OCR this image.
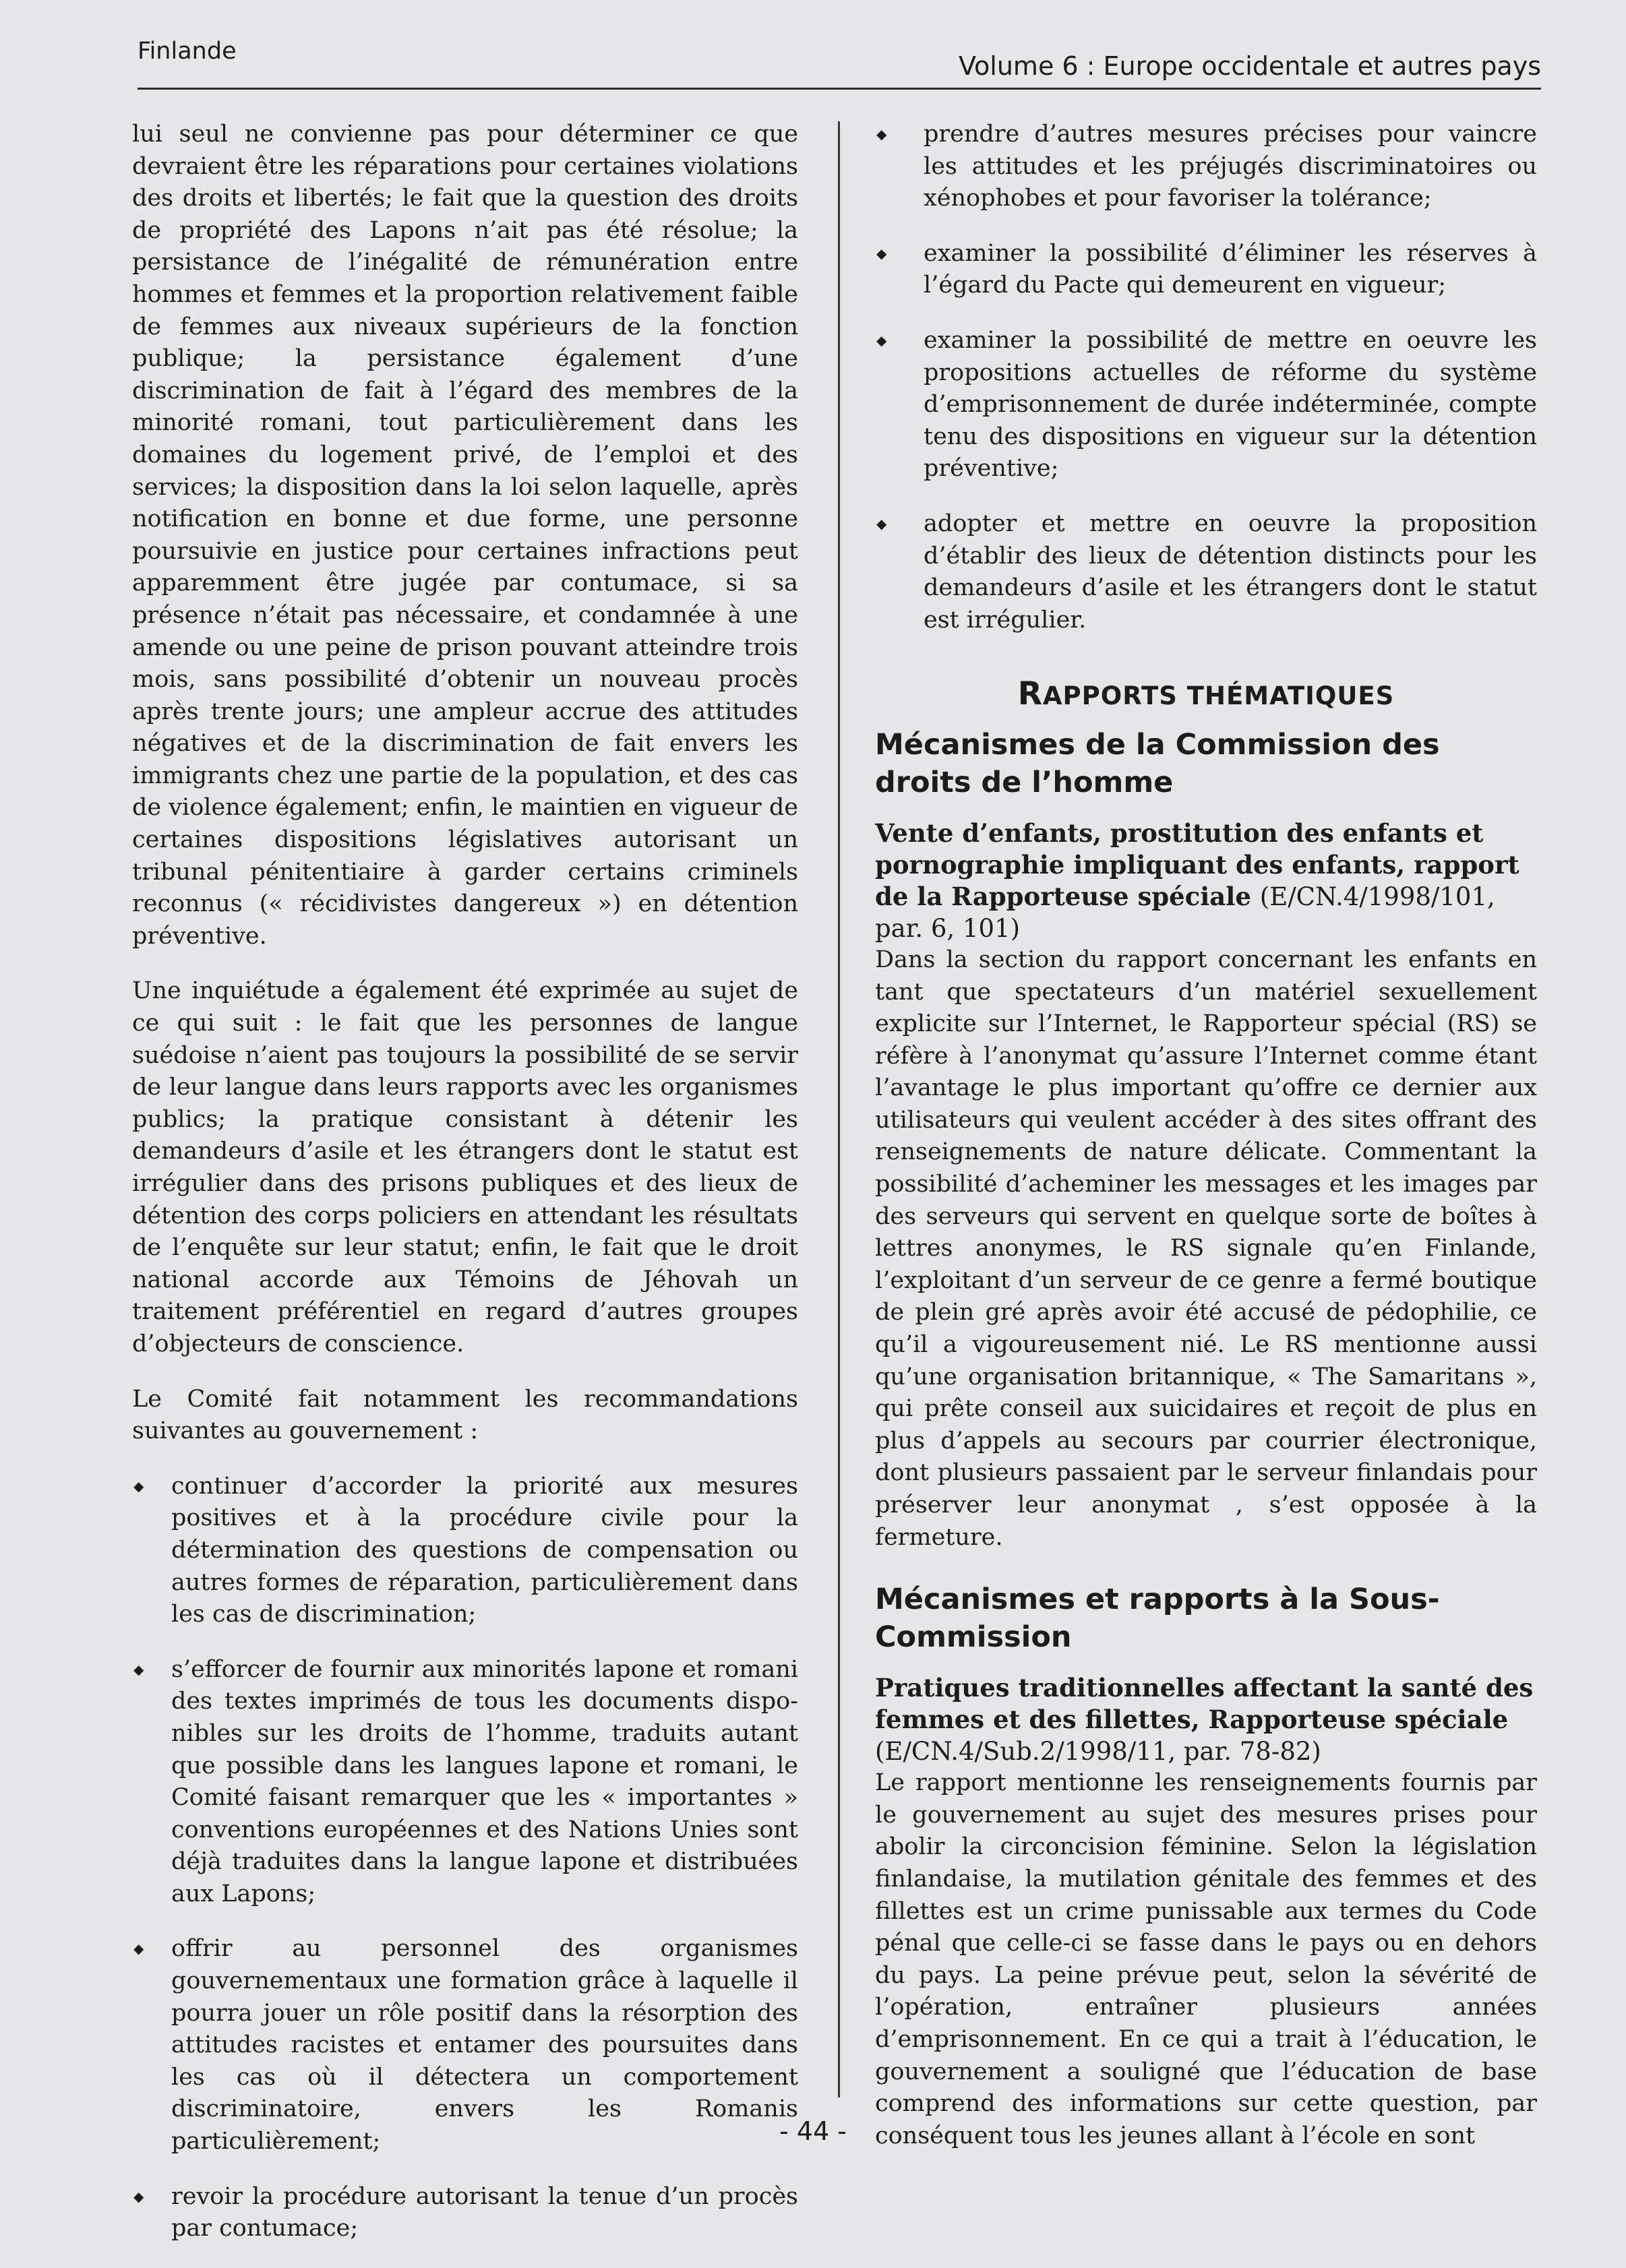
Finlande	Volume 6 : Europe occidentale et autres pays

lui seul ne convienne pas pour déterminer ce que devraient être les réparations pour certaines violations des droits et libertés; le fait que la question des droits de propriété des Lapons n’ait pas été résolue; la persistance de l’inégalité de rémunération entre hommes et femmes et la proportion relativement faible de femmes aux niveaux supérieurs de la fonction publique; la persistance également d’une discrimination de fait à l’égard des membres de la minorité romani, tout particulièrement dans les domaines du logement privé, de l’emploi et des services; la disposition dans la loi selon laquelle, après notification en bonne et due forme, une personne poursuivie en justice pour certaines infractions peut apparemment être jugée par contumace, si sa présence n’était pas nécessaire, et condamnée à une amende ou une peine de prison pouvant atteindre trois mois, sans possibilité d’obtenir un nouveau procès après trente jours; une ampleur accrue des attitudes négatives et de la discrimination de fait envers les immigrants chez une partie de la population, et des cas de violence également; enfin, le maintien en vigueur de certaines dispositions législatives autorisant un tribunal pénitentiaire à garder certains criminels reconnus (« récidivistes dangereux ») en détention préventive.

Une inquiétude a également été exprimée au sujet de ce qui suit : le fait que les personnes de langue suédoise n’aient pas toujours la possibilité de se servir de leur langue dans leurs rapports avec les organismes publics; la pratique consistant à détenir les demandeurs d’asile et les étrangers dont le statut est irrégulier dans des prisons publiques et des lieux de détention des corps policiers en attendant les résultats de l’enquête sur leur statut; enfin, le fait que le droit national accorde aux Témoins de Jéhovah un traitement préférentiel en regard d’autres groupes d’objecteurs de conscience.

Le Comité fait notamment les recommandations suivantes au gouvernement :

◆ continuer d’accorder la priorité aux mesures positives et à la procédure civile pour la détermination des questions de compensation ou autres formes de réparation, particulièrement dans les cas de discrimination;
◆ s’efforcer de fournir aux minorités lapone et romani des textes imprimés de tous les documents disponibles sur les droits de l’homme, traduits autant que possible dans les langues lapone et romani, le Comité faisant remarquer que les « importantes » conventions européennes et des Nations Unies sont déjà traduites dans la langue lapone et distribuées aux Lapons;
◆ offrir au personnel des organismes gouvernementaux une formation grâce à laquelle il pourra jouer un rôle positif dans la résorption des attitudes racistes et entamer des poursuites dans les cas où il détectera un comportement discriminatoire, envers les Romanis particulièrement;
◆ revoir la procédure autorisant la tenue d’un procès par contumace;
◆ prendre d’autres mesures précises pour vaincre les attitudes et les préjugés discriminatoires ou xénophobes et pour favoriser la tolérance;
◆ examiner la possibilité d’éliminer les réserves à l’égard du Pacte qui demeurent en vigueur;
◆ examiner la possibilité de mettre en oeuvre les propositions actuelles de réforme du système d’emprisonnement de durée indéterminée, compte tenu des dispositions en vigueur sur la détention préventive;
◆ adopter et mettre en oeuvre la proposition d’établir des lieux de détention distincts pour les demandeurs d’asile et les étrangers dont le statut est irrégulier.
RAPPORTS THÉMATIQUES
Mécanismes de la Commission des droits de l’homme
Vente d’enfants, prostitution des enfants et pornographie impliquant des enfants, rapport de la Rapporteuse spéciale (E/CN.4/1998/101, par. 6, 101)

Dans la section du rapport concernant les enfants en tant que spectateurs d’un matériel sexuellement explicite sur l’Internet, le Rapporteur spécial (RS) se réfère à l’anonymat qu’assure l’Internet comme étant l’avantage le plus important qu’offre ce dernier aux utilisateurs qui veulent accéder à des sites offrant des renseignements de nature délicate. Commentant la possibilité d’acheminer les messages et les images par des serveurs qui servent en quelque sorte de boîtes à lettres anonymes, le RS signale qu’en Finlande, l’exploitant d’un serveur de ce genre a fermé boutique de plein gré après avoir été accusé de pédophilie, ce qu’il a vigoureusement nié. Le RS mentionne aussi qu’une organisation britannique, « The Samaritans », qui prête conseil aux suicidaires et reçoit de plus en plus d’appels au secours par courrier électronique, dont plusieurs passaient par le serveur finlandais pour préserver leur anonymat , s’est opposée à la fermeture.

Mécanismes et rapports à la Sous-Commission
Pratiques traditionnelles affectant la santé des femmes et des fillettes, Rapporteuse spéciale (E/CN.4/Sub.2/1998/11, par. 78-82)

Le rapport mentionne les renseignements fournis par le gouvernement au sujet des mesures prises pour abolir la circoncision féminine. Selon la législation finlandaise, la mutilation génitale des femmes et des fillettes est un crime punissable aux termes du Code pénal que celle-ci se fasse dans le pays ou en dehors du pays. La peine prévue peut, selon la sévérité de l’opération, entraîner plusieurs années d’emprisonnement. En ce qui a trait à l’éducation, le gouvernement a souligné que l’éducation de base comprend des informations sur cette question, par conséquent tous les jeunes allant à l’école en sont

- 44 -
